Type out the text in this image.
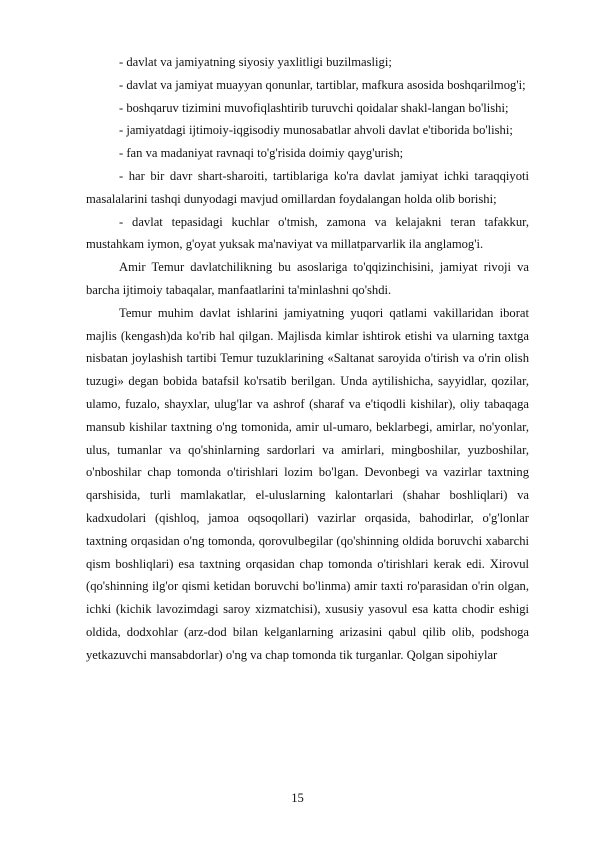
- davlat va jamiyatning siyosiy yaxlitligi buzilmasligi;

- davlat va jamiyat muayyan qonunlar, tartiblar, mafkura asosida boshqarilmog'i;

- boshqaruv tizimini muvofiqlashtirib turuvchi qoidalar shakl-langan bo'lishi;

- jamiyatdagi ijtimoiy-iqgisodiy munosabatlar ahvoli davlat e'tiborida bo'lishi;

- fan va madaniyat ravnaqi to'g'risida doimiy qayg'urish;

- har bir davr shart-sharoiti, tartiblariga ko'ra davlat jamiyat ichki taraqqiyoti masalalarini tashqi dunyodagi mavjud omillardan foydalangan holda olib borishi;

- davlat tepasidagi kuchlar o'tmish, zamona va kelajakni teran tafakkur, mustahkam iymon, g'oyat yuksak ma'naviyat va millatparvarlik ila anglamog'i.

Amir Temur davlatchilikning bu asoslariga to'qqizinchisini, jamiyat rivoji va barcha ijtimoiy tabaqalar, manfaatlarini ta'minlashni qo'shdi.

Temur muhim davlat ishlarini jamiyatning yuqori qatlami vakillaridan iborat majlis (kengash)da ko'rib hal qilgan. Majlisda kimlar ishtirok etishi va ularning taxtga nisbatan joylashish tartibi Temur tuzuklarining «Saltanat saroyida o'tirish va o'rin olish tuzugi» degan bobida batafsil ko'rsatib berilgan. Unda aytilishicha, sayyidlar, qozilar, ulamo, fuzalo, shayxlar, ulug'lar va ashrof (sharaf va e'tiqodli kishilar), oliy tabaqaga mansub kishilar taxtning o'ng tomonida, amir ul-umaro, beklarbegi, amirlar, no'yonlar, ulus, tumanlar va qo'shinlarning sardorlari va amirlari, mingboshilar, yuzboshilar, o'nboshilar chap tomonda o'tirishlari lozim bo'lgan. Devonbegi va vazirlar taxtning qarshisida, turli mamlakatlar, el-uluslarning kalontarlari (shahar boshliqlari) va kadxudolari (qishloq, jamoa oqsoqollari) vazirlar orqasida, bahodirlar, o'g'lonlar taxtning orqasidan o'ng tomonda, qorovulbegilar (qo'shinning oldida boruvchi xabarchi qism boshliqlari) esa taxtning orqasidan chap tomonda o'tirishlari kerak edi. Xirovul (qo'shinning ilg'or qismi ketidan boruvchi bo'linma) amir taxti ro'parasidan o'rin olgan, ichki (kichik lavozimdagi saroy xizmatchisi), xususiy yasovul esa katta chodir eshigi oldida, dodxohlar (arz-dod bilan kelganlarning arizasini qabul qilib olib, podshoga yetkazuvchi mansabdorlar) o'ng va chap tomonda tik turganlar. Qolgan sipohiylar

15
